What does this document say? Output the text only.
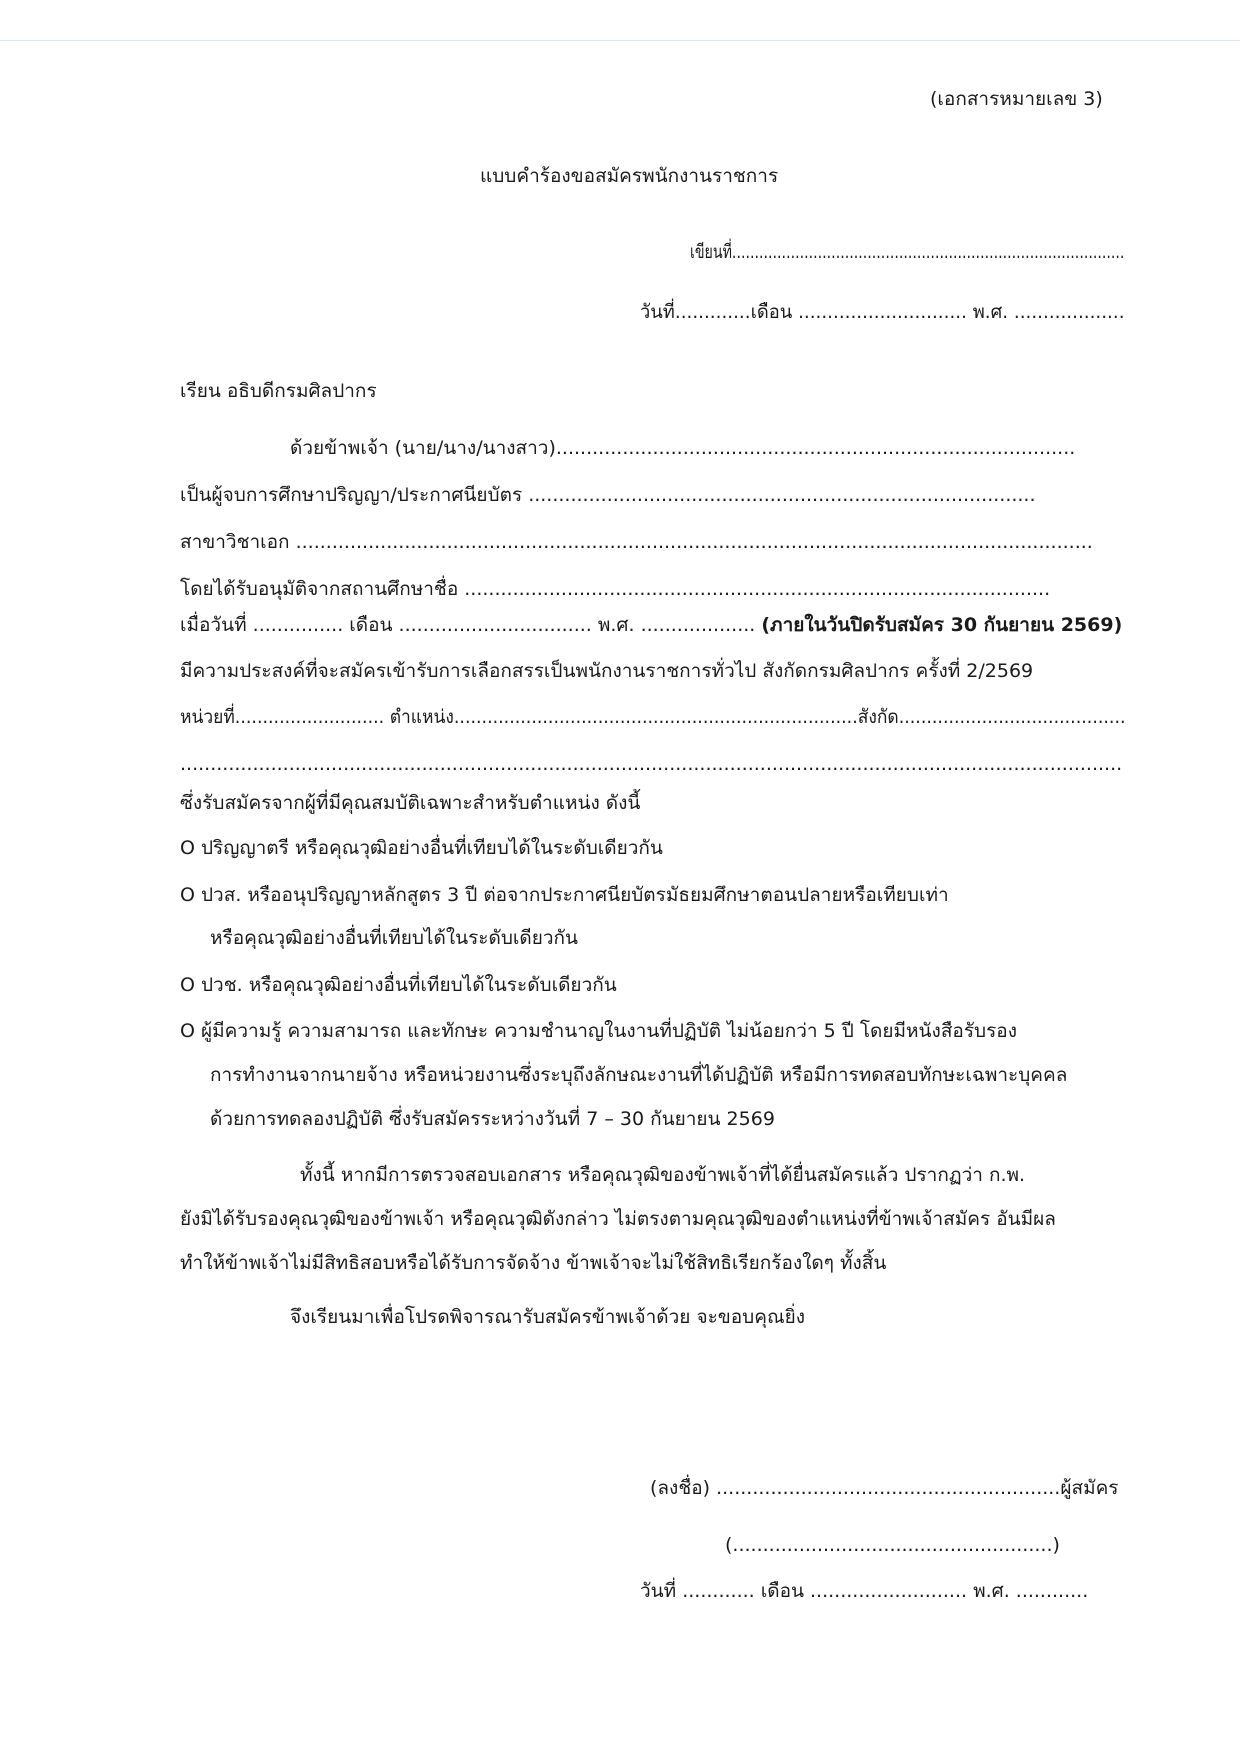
(เอกสารหมายเลข 3)
แบบคำร้องขอสมัครพนักงานราชการ
เขียนที่.......................................................................................
วันที่.............เดือน ............................. พ.ศ. ...................
เรียน อธิบดีกรมศิลปากร
ด้วยข้าพเจ้า (นาย/นาง/นางสาว)......................................................................................
เป็นผู้จบการศึกษาปริญญา/ประกาศนียบัตร ....................................................................................
สาขาวิชาเอก ....................................................................................................................................
โดยได้รับอนุมัติจากสถานศึกษาชื่อ .................................................................................................
เมื่อวันที่ ............... เดือน ................................ พ.ศ. ................... (ภายในวันปิดรับสมัคร 30 กันยายน 2569)
มีความประสงค์ที่จะสมัครเข้ารับการเลือกสรรเป็นพนักงานราชการทั่วไป สังกัดกรมศิลปากร ครั้งที่ 2/2569
หน่วยที่........................... ตำแหน่ง.........................................................................สังกัด.........................................
............................................................................................................................................................
ซึ่งรับสมัครจากผู้ที่มีคุณสมบัติเฉพาะสำหรับตำแหน่ง ดังนี้
O ปริญญาตรี หรือคุณวุฒิอย่างอื่นที่เทียบได้ในระดับเดียวกัน
O ปวส. หรืออนุปริญญาหลักสูตร 3 ปี ต่อจากประกาศนียบัตรมัธยมศึกษาตอนปลายหรือเทียบเท่า
หรือคุณวุฒิอย่างอื่นที่เทียบได้ในระดับเดียวกัน
O ปวช. หรือคุณวุฒิอย่างอื่นที่เทียบได้ในระดับเดียวกัน
O ผู้มีความรู้ ความสามารถ และทักษะ ความชำนาญในงานที่ปฏิบัติ ไม่น้อยกว่า 5 ปี โดยมีหนังสือรับรอง
การทำงานจากนายจ้าง หรือหน่วยงานซึ่งระบุถึงลักษณะงานที่ได้ปฏิบัติ หรือมีการทดสอบทักษะเฉพาะบุคคล
ด้วยการทดลองปฏิบัติ ซึ่งรับสมัครระหว่างวันที่ 7 – 30 กันยายน 2569
ทั้งนี้ หากมีการตรวจสอบเอกสาร หรือคุณวุฒิของข้าพเจ้าที่ได้ยื่นสมัครแล้ว ปรากฏว่า ก.พ.
ยังมิได้รับรองคุณวุฒิของข้าพเจ้า หรือคุณวุฒิดังกล่าว ไม่ตรงตามคุณวุฒิของตำแหน่งที่ข้าพเจ้าสมัคร อันมีผล
ทำให้ข้าพเจ้าไม่มีสิทธิสอบหรือได้รับการจัดจ้าง ข้าพเจ้าจะไม่ใช้สิทธิเรียกร้องใดๆ ทั้งสิ้น
จึงเรียนมาเพื่อโปรดพิจารณารับสมัครข้าพเจ้าด้วย จะขอบคุณยิ่ง
(ลงชื่อ) .........................................................ผู้สมัคร
(.....................................................)
วันที่ ............ เดือน .......................... พ.ศ. ............
